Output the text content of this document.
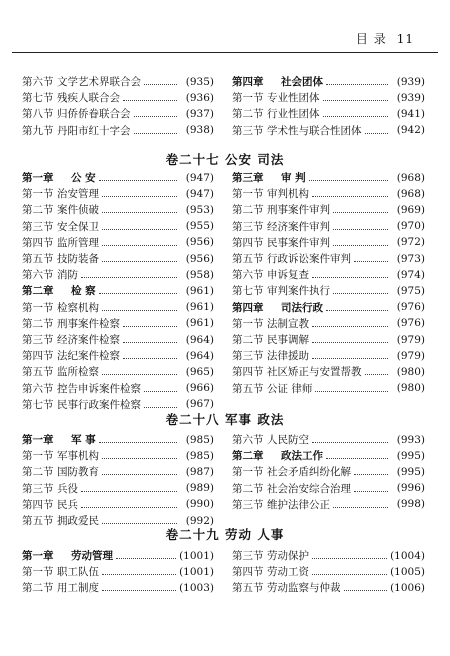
目 录 11
第六节 文学艺术界联合会	(935)
第七节 残疾人联合会	(936)
第八节 归侨侨眷联合会	(937)
第九节 丹阳市红十字会	(938)
第四章	社会团体	(939)
第一节 专业性团体	(939)
第二节 行业性团体	(941)
第三节 学术性与联合性团体	(942)
卷二十七 公安 司法
第一章	公 安	(947)
第一节 治安管理	(947)
第二节 案件侦破	(953)
第三节 安全保卫	(955)
第四节 监所管理	(956)
第五节 技防装备	(956)
第六节 消防	(958)
第二章	检 察	(961)
第一节 检察机构	(961)
第二节 刑事案件检察	(961)
第三节 经济案件检察	(964)
第四节 法纪案件检察	(964)
第五节 监所检察	(965)
第六节 控告申诉案件检察	(966)
第七节 民事行政案件检察	(967)
第三章	审 判	(968)
第一节 审判机构	(968)
第二节 刑事案件审判	(969)
第三节 经济案件审判	(970)
第四节 民事案件审判	(972)
第五节 行政诉讼案件审判	(973)
第六节 申诉复查	(974)
第七节 审判案件执行	(975)
第四章	司法行政	(976)
第一节 法制宣教	(976)
第二节 民事调解	(979)
第三节 法律援助	(979)
第四节 社区矫正与安置帮教	(980)
第五节 公证 律师	(980)
卷二十八 军事 政法
第一章	军 事	(985)
第一节 军事机构	(985)
第二节 国防教育	(987)
第三节 兵役	(989)
第四节 民兵	(990)
第五节 拥政爱民	(992)
第六节 人民防空	(993)
第二章	政法工作	(995)
第一节 社会矛盾纠纷化解	(995)
第二节 社会治安综合治理	(996)
第三节 维护法律公正	(998)
卷二十九 劳动 人事
第一章	劳动管理	(1001)
第一节 职工队伍	(1001)
第二节 用工制度	(1003)
第三节 劳动保护	(1004)
第四节 劳动工资	(1005)
第五节 劳动监察与仲裁	(1006)
